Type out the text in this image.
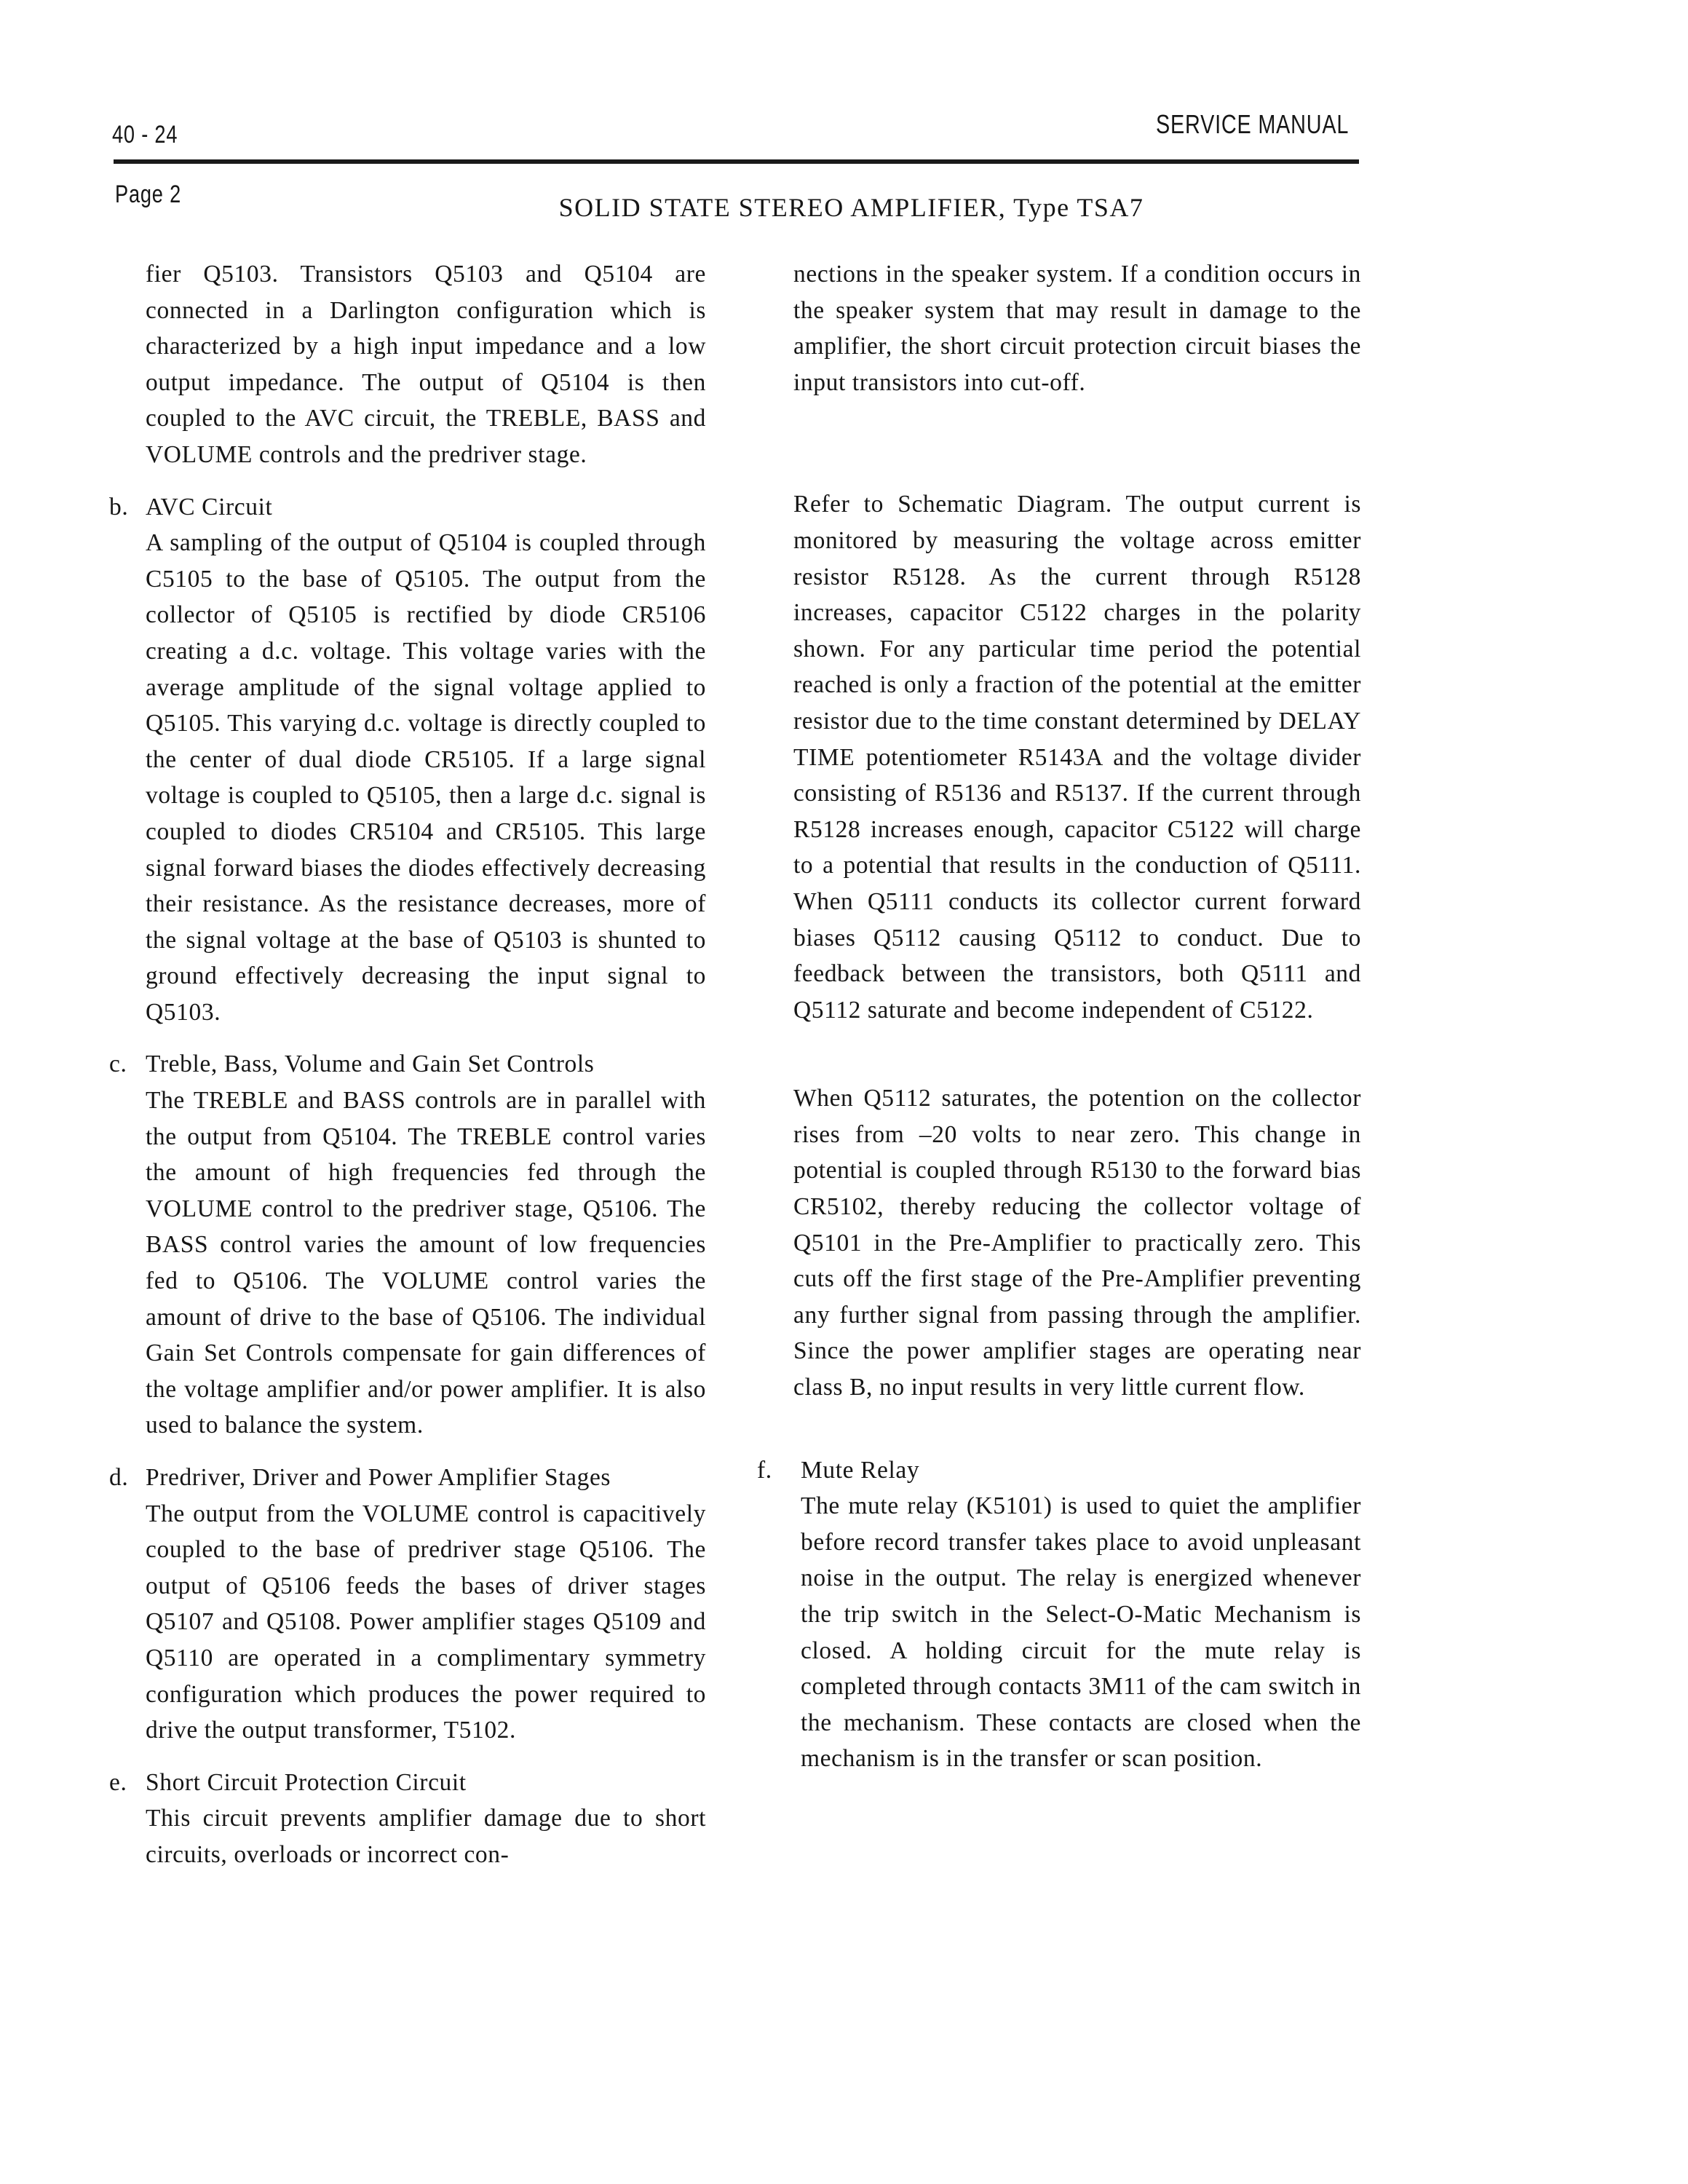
40 - 24	SERVICE MANUAL
Page 2	SOLID STATE STEREO AMPLIFIER, Type TSA7

fier Q5103. Transistors Q5103 and Q5104 are connected in a Darlington configuration which is characterized by a high input impedance and a low output impedance. The output of Q5104 is then coupled to the AVC circuit, the TREBLE, BASS and VOLUME controls and the predriver stage.

b. AVC Circuit

A sampling of the output of Q5104 is coupled through C5105 to the base of Q5105. The output from the collector of Q5105 is rectified by diode CR5106 creating a d.c. voltage. This voltage varies with the average amplitude of the signal voltage applied to Q5105. This varying d.c. voltage is directly coupled to the center of dual diode CR5105. If a large signal voltage is coupled to Q5105, then a large d.c. signal is coupled to diodes CR5104 and CR5105. This large signal forward biases the diodes effectively decreasing their resistance. As the resistance decreases, more of the signal voltage at the base of Q5103 is shunted to ground effectively decreasing the input signal to Q5103.

c. Treble, Bass, Volume and Gain Set Controls

The TREBLE and BASS controls are in parallel with the output from Q5104. The TREBLE control varies the amount of high frequencies fed through the VOLUME control to the predriver stage, Q5106. The BASS control varies the amount of low frequencies fed to Q5106. The VOLUME control varies the amount of drive to the base of Q5106. The individual Gain Set Controls compensate for gain differences of the voltage amplifier and/or power amplifier. It is also used to balance the system.

d. Predriver, Driver and Power Amplifier Stages

The output from the VOLUME control is capacitively coupled to the base of predriver stage Q5106. The output of Q5106 feeds the bases of driver stages Q5107 and Q5108. Power amplifier stages Q5109 and Q5110 are operated in a complimentary symmetry configuration which produces the power required to drive the output transformer, T5102.

e. Short Circuit Protection Circuit

This circuit prevents amplifier damage due to short circuits, overloads or incorrect con-

nections in the speaker system. If a condition occurs in the speaker system that may result in damage to the amplifier, the short circuit protection circuit biases the input transistors into cut-off.

Refer to Schematic Diagram. The output current is monitored by measuring the voltage across emitter resistor R5128. As the current through R5128 increases, capacitor C5122 charges in the polarity shown. For any particular time period the potential reached is only a fraction of the potential at the emitter resistor due to the time constant determined by DELAY TIME potentiometer R5143A and the voltage divider consisting of R5136 and R5137. If the current through R5128 increases enough, capacitor C5122 will charge to a potential that results in the conduction of Q5111. When Q5111 conducts its collector current forward biases Q5112 causing Q5112 to conduct. Due to feedback between the transistors, both Q5111 and Q5112 saturate and become independent of C5122.

When Q5112 saturates, the potention on the collector rises from –20 volts to near zero. This change in potential is coupled through R5130 to the forward bias CR5102, thereby reducing the collector voltage of Q5101 in the Pre-Amplifier to practically zero. This cuts off the first stage of the Pre-Amplifier preventing any further signal from passing through the amplifier. Since the power amplifier stages are operating near class B, no input results in very little current flow.

f. Mute Relay

The mute relay (K5101) is used to quiet the amplifier before record transfer takes place to avoid unpleasant noise in the output. The relay is energized whenever the trip switch in the Select-O-Matic Mechanism is closed. A holding circuit for the mute relay is completed through contacts 3M11 of the cam switch in the mechanism. These contacts are closed when the mechanism is in the transfer or scan position.
